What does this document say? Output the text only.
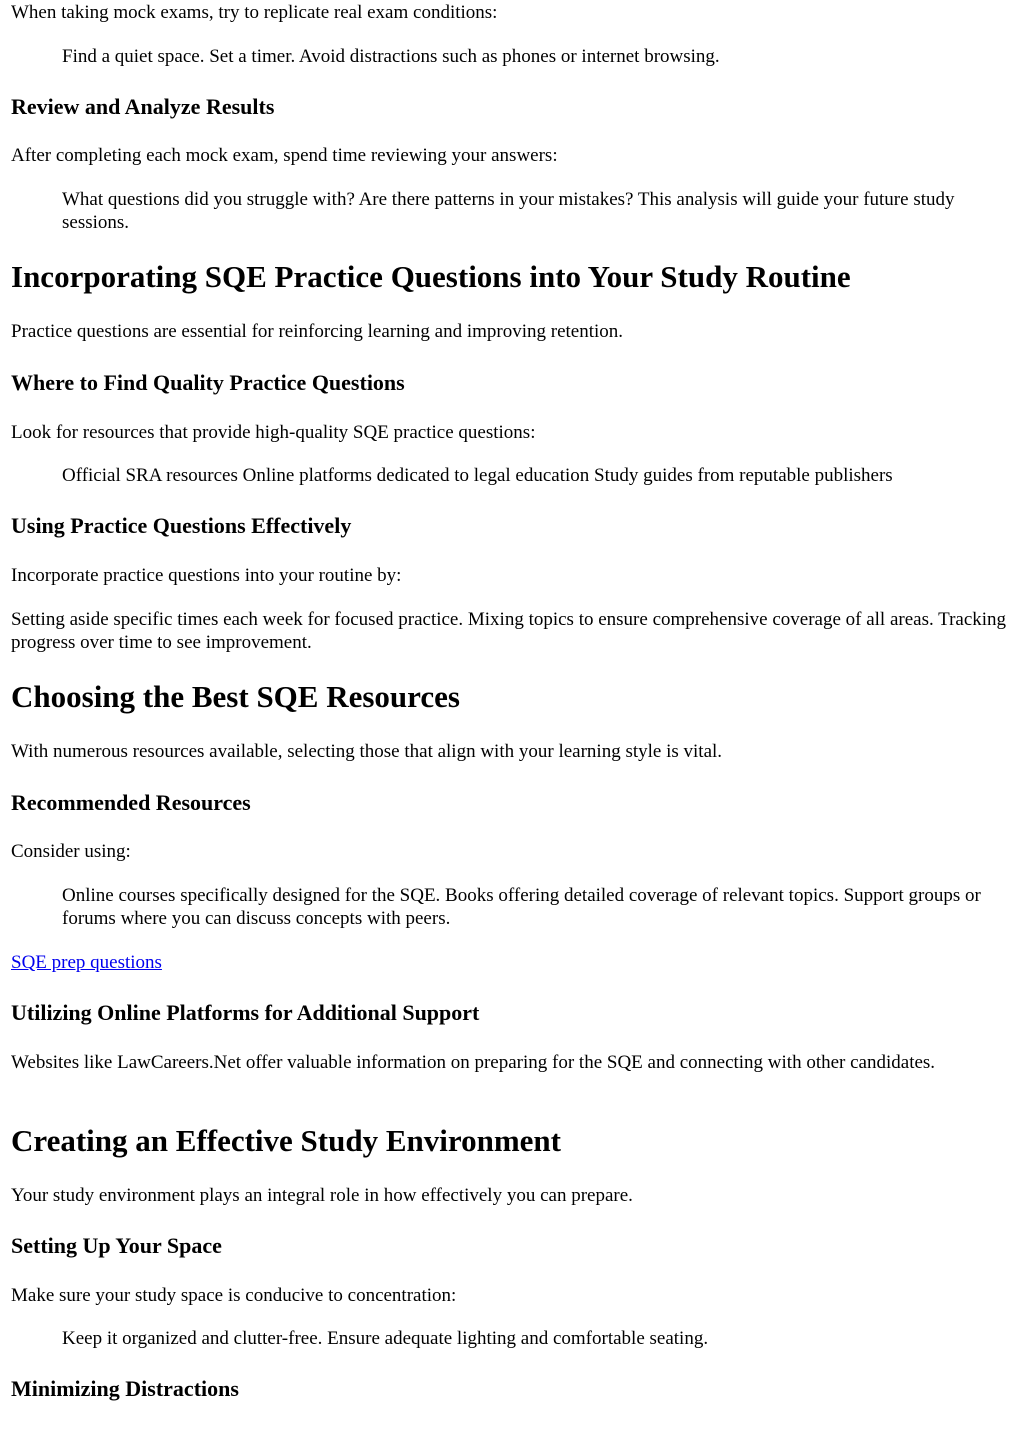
When taking mock exams, try to replicate real exam conditions:

Find a quiet space. Set a timer. Avoid distractions such as phones or internet browsing.

Review and Analyze Results

After completing each mock exam, spend time reviewing your answers:

What questions did you struggle with? Are there patterns in your mistakes? This analysis will guide your future study sessions.

Incorporating SQE Practice Questions into Your Study Routine

Practice questions are essential for reinforcing learning and improving retention.

Where to Find Quality Practice Questions

Look for resources that provide high-quality SQE practice questions:

Official SRA resources Online platforms dedicated to legal education Study guides from reputable publishers

Using Practice Questions Effectively

Incorporate practice questions into your routine by:

Setting aside specific times each week for focused practice. Mixing topics to ensure comprehensive coverage of all areas. Tracking progress over time to see improvement.

Choosing the Best SQE Resources

With numerous resources available, selecting those that align with your learning style is vital.

Recommended Resources

Consider using:

Online courses specifically designed for the SQE. Books offering detailed coverage of relevant topics. Support groups or forums where you can discuss concepts with peers.

SQE prep questions

Utilizing Online Platforms for Additional Support

Websites like LawCareers.Net offer valuable information on preparing for the SQE and connecting with other candidates.

Creating an Effective Study Environment

Your study environment plays an integral role in how effectively you can prepare.

Setting Up Your Space

Make sure your study space is conducive to concentration:

Keep it organized and clutter-free. Ensure adequate lighting and comfortable seating.

Minimizing Distractions
